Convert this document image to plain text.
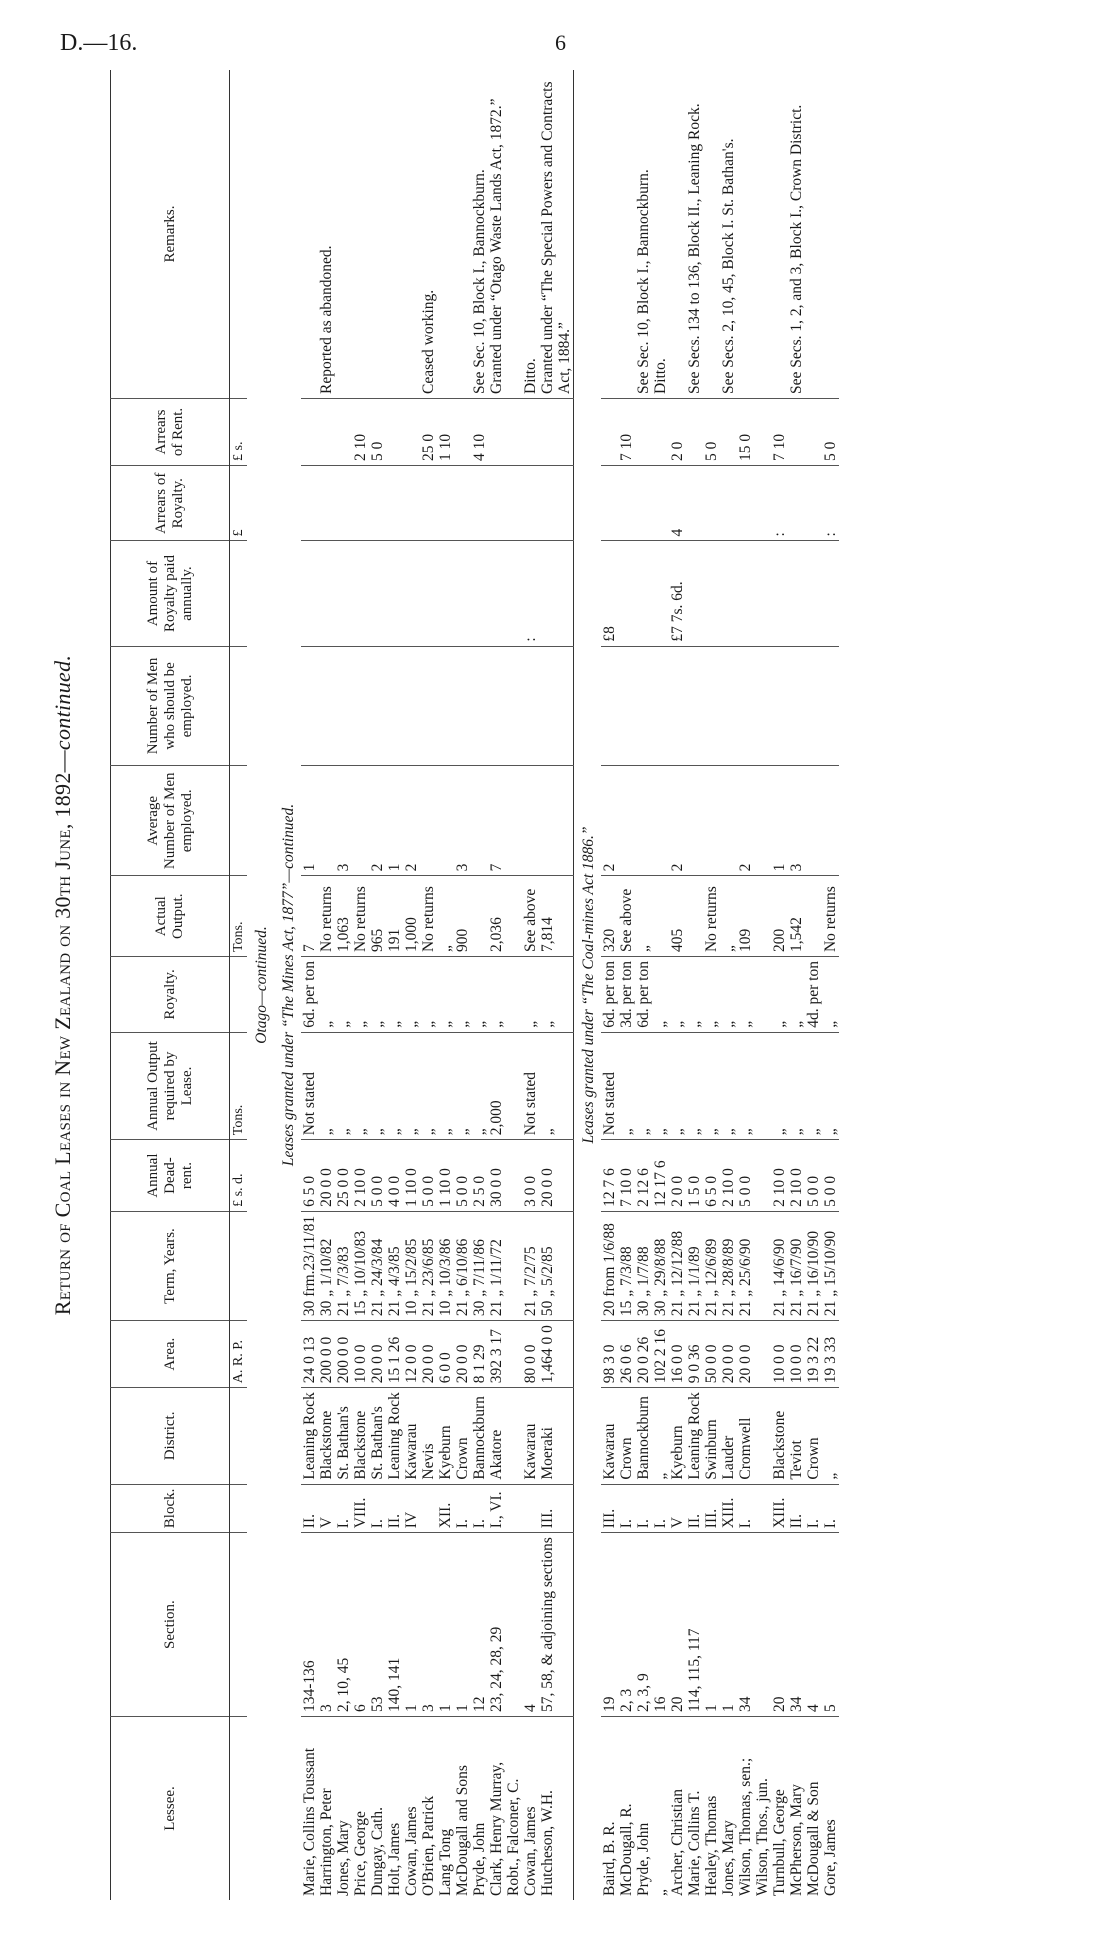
D.—16.	6
Return of Coal Leases in New Zealand on 30th June, 1892—continued.
Lessee.	Section.	Block.	District.	Area.	Term, Years.	Annual Dead-rent.	Annual Output required by Lease.	Royalty.	Actual Output.	Average Number of Men employed.	Number of Men who should be employed.	Amount of Royalty paid annually.	Arrears of Royalty.	Arrears of Rent.	Remarks.
				A. R. P.		£ s. d.	Tons.		Tons.				£	£ s.	
Otago—continued.															
Leases granted under “The Mines Act, 1877”—continued.															
Marie, Collins Toussant	134-136	II.	Leaning Rock	24 0 13	30 frm.23/11/81	6 5 0	Not stated	6d. per ton	7	1					
Harrington, Peter	3	V	Blackstone	200 0 0	30 „ 1/10/82	20 0 0	„	„	No returns						Reported as abandoned.
Jones, Mary	2, 10, 45	I.	St. Bathan's	200 0 0	21 „ 7/3/83	25 0 0	„	„	1,063	3					
Price, George	6	VIII.	Blackstone	10 0 0	15 „ 10/10/83	2 10 0	„	„	No returns					2 10	
Dungay, Cath.	53	I.	St. Bathan's	20 0 0	21 „ 24/3/84	5 0 0	„	„	965	2				5 0	
Holt, James	140, 141	II.	Leaning Rock	15 1 26	21 „ 4/3/85	4 0 0	„	„	191	1					
Cowan, James	1	IV	Kawarau	12 0 0	10 „ 15/2/85	1 10 0	„	„	1,000	2					
O'Brien, Patrick	3		Nevis	20 0 0	21 „ 23/6/85	5 0 0	„	„	No returns					25 0	Ceased working.
Lang Tong	1	XII.	Kyeburn	6 0 0	10 „ 10/3/86	1 10 0	„	„	„					1 10	
McDougall and Sons	1	I.	Crown	20 0 0	21 „ 6/10/86	5 0 0	„	„	900	3					
Pryde, John	12	I.	Bannockburn	8 1 29	30 „ 7/11/86	2 5 0	„	„						4 10	See Sec. 10, Block I., Bannockburn.
Clark, Henry Murray, Robt., Falconer, C.	23, 24, 28, 29	I., VI.	Akatore	392 3 17	21 „ 1/11/72	30 0 0	2,000	„	2,036	7					Granted under “Otago Waste Lands Act, 1872.”
Cowan, James	4		Kawarau	80 0 0	21 „ 7/2/75	3 0 0	Not stated	„	See above			:			Ditto.
Hutcheson, W.H.	57, 58, & adjoining sections	III.	Moeraki	1,464 0 0	50 „ 5/2/85	20 0 0	„	„	7,814						Granted under “The Special Powers and Contracts Act, 1884.”
Leases granted under “The Coal-mines Act 1886.”															
Baird, B. R.	19	III.	Kawarau	98 3 0	20 from 1/6/88	12 7 6	Not stated	6d. per ton	320	2		£8			
McDougall, R.	2, 3	I.	Crown	26 0 6	15 „ 7/3/88	7 10 0	„	3d. per ton	See above					7 10	
Pryde, John	2, 3, 9	I.	Bannockburn	20 0 26	30 „ 1/7/88	2 12 6	„	6d. per ton	„						See Sec. 10, Block I., Bannockburn.
„	16	I.	„	102 2 16	30 „ 29/8/88	12 17 6	„	„							Ditto.
Archer, Christian	20	V	Kyeburn	16 0 0	21 „ 12/12/88	2 0 0	„	„	405	2		£7 7s. 6d.	4	2 0	
Marie, Collins T.	114, 115, 117	II.	Leaning Rock	9 0 36	21 „ 1/1/89	1 5 0	„	„							See Secs. 134 to 136, Block II., Leaning Rock.
Healey, Thomas	1	III.	Swinburn	50 0 0	21 „ 12/6/89	6 5 0	„	„	No returns					5 0	
Jones, Mary	1	XIII.	Lauder	20 0 0	21 „ 28/8/89	2 10 0	„	„	„						See Secs. 2, 10, 45, Block I. St. Bathan's.
Wilson, Thomas, sen.; Wilson, Thos., jun.	34	I.	Cromwell	20 0 0	21 „ 25/6/90	5 0 0	„	„	109	2				15 0	
Turnbull, George	20	XIII.	Blackstone	10 0 0	21 „ 14/6/90	2 10 0	„	„	200	1			:	7 10	
McPherson, Mary	34	II.	Teviot	10 0 0	21 „ 16/7/90	2 10 0	„	„	1,542	3					See Secs. 1, 2, and 3, Block I., Crown District.
McDougall & Son	4	I.	Crown	19 3 22	21 „ 16/10/90	5 0 0	„	4d. per ton							
Gore, James	5	I.	„	19 3 33	21 „ 15/10/90	5 0 0	„	„	No returns				:	5 0	
